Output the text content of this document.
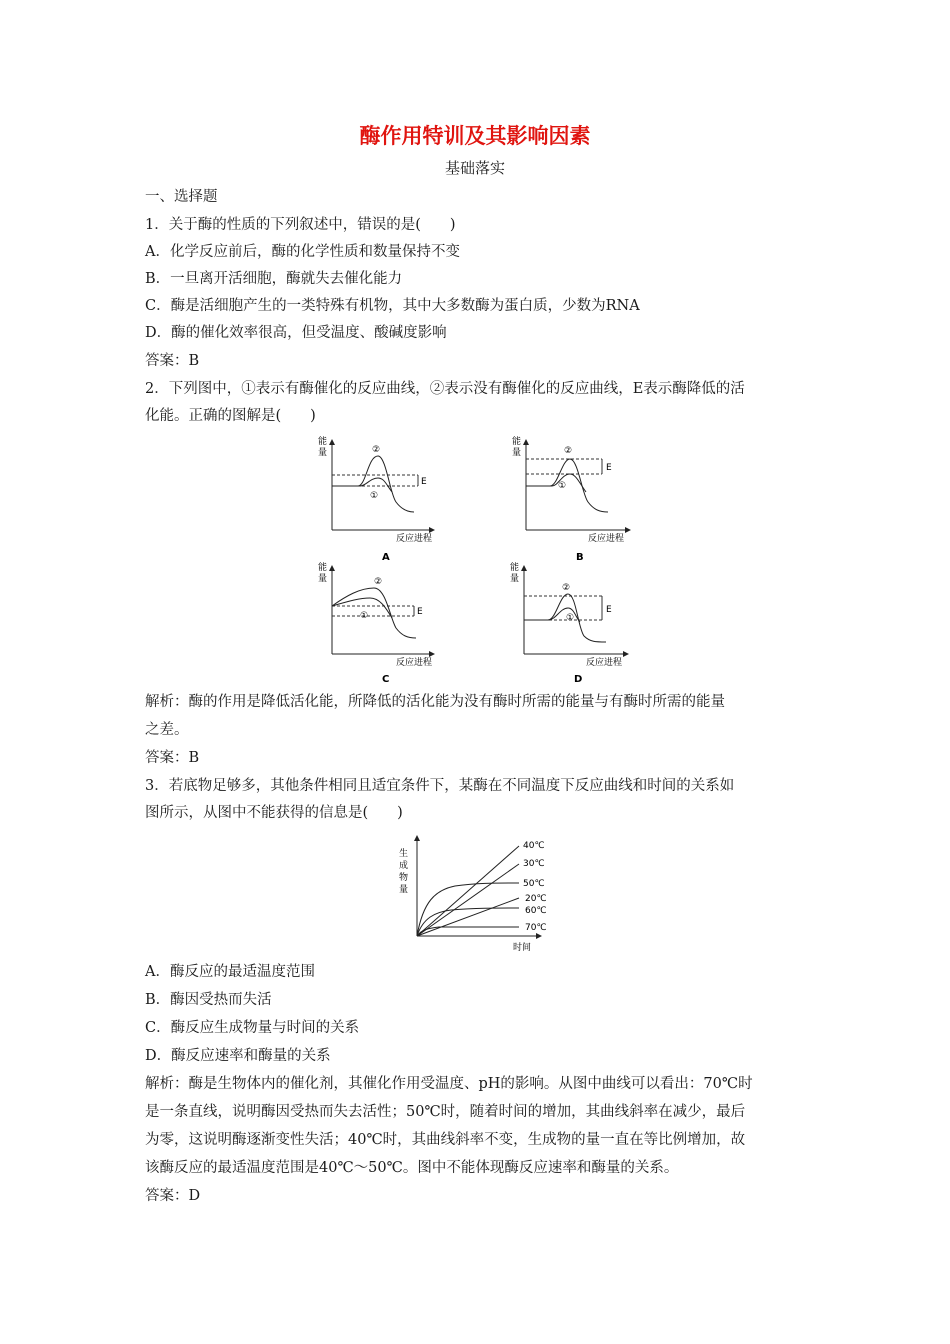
酶作用特训及其影响因素
基础落实
一、选择题
1．关于酶的性质的下列叙述中，错误的是(　　)
A．化学反应前后，酶的化学性质和数量保持不变
B．一旦离开活细胞，酶就失去催化能力
C．酶是活细胞产生的一类特殊有机物，其中大多数酶为蛋白质，少数为RNA
D．酶的催化效率很高，但受温度、酸碱度影响
答案：B
2．下列图中，①表示有酶催化的反应曲线，②表示没有酶催化的反应曲线，E表示酶降低的活
化能。正确的图解是(　　)
能
量
E
②
①
反应进程
A
能
量
E
②
①
反应进程
B
能
量
E
②
①
反应进程
C
能
量
E
②
①
反应进程
D
解析：酶的作用是降低活化能，所降低的活化能为没有酶时所需的能量与有酶时所需的能量
之差。
答案：B
3．若底物足够多，其他条件相同且适宜条件下，某酶在不同温度下反应曲线和时间的关系如
图所示，从图中不能获得的信息是(　　)
生
成
物
量
时间
40℃
30℃
50℃
20℃
60℃
70℃
A．酶反应的最适温度范围
B．酶因受热而失活
C．酶反应生成物量与时间的关系
D．酶反应速率和酶量的关系
解析：酶是生物体内的催化剂，其催化作用受温度、pH的影响。从图中曲线可以看出：70℃时
是一条直线，说明酶因受热而失去活性；50℃时，随着时间的增加，其曲线斜率在减少，最后
为零，这说明酶逐渐变性失活；40℃时，其曲线斜率不变，生成物的量一直在等比例增加，故
该酶反应的最适温度范围是40℃～50℃。图中不能体现酶反应速率和酶量的关系。
答案：D
